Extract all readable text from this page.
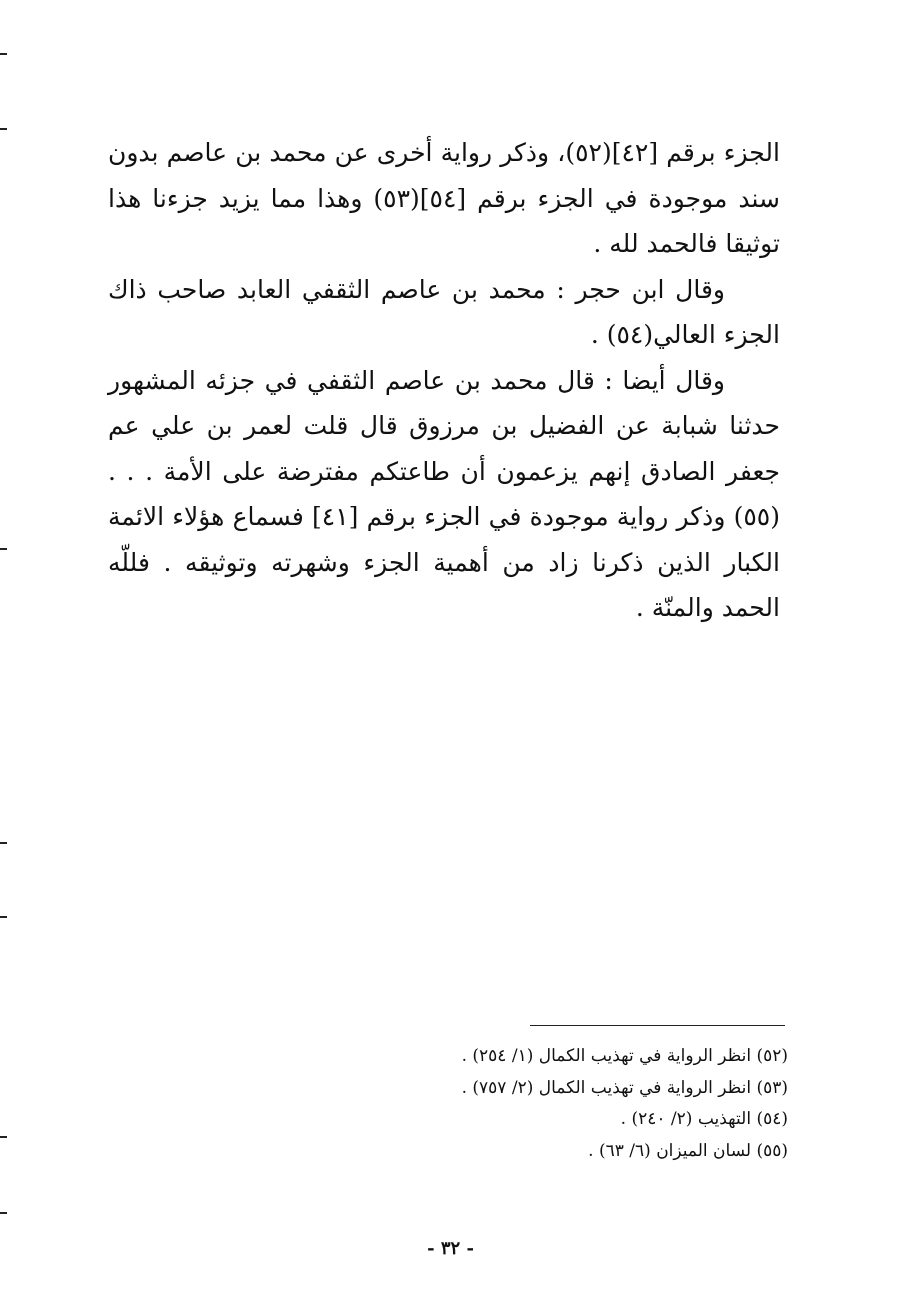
الجزء برقم [٤٢](٥٢)، وذكر رواية أخرى عن محمد بن عاصم بدون سند موجودة في الجزء برقم [٥٤](٥٣) وهذا مما يزيد جزءنا هذا توثيقا فالحمد لله .

وقال ابن حجر : محمد بن عاصم الثقفي العابد صاحب ذاك الجزء العالي(٥٤) .

وقال أيضا : قال محمد بن عاصم الثقفي في جزئه المشهور حدثنا شبابة عن الفضيل بن مرزوق قال قلت لعمر بن علي عم جعفر الصادق إنهم يزعمون أن طاعتكم مفترضة على الأمة . . .(٥٥) وذكر رواية موجودة في الجزء برقم [٤١] فسماع هؤلاء الائمة الكبار الذين ذكرنا زاد من أهمية الجزء وشهرته وتوثيقه . فللّه الحمد والمنّة .

(٥٢) انظر الرواية في تهذيب الكمال (١/ ٢٥٤) .

(٥٣) انظر الرواية في تهذيب الكمال (٢/ ٧٥٧) .

(٥٤) التهذيب (٢/ ٢٤٠) .

(٥٥) لسان الميزان (٦/ ٦٣) .

- ٣٢ -
